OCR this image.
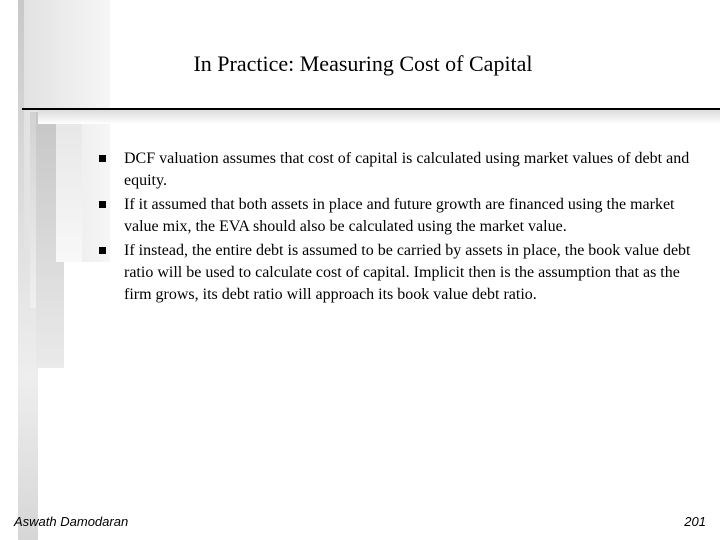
In Practice: Measuring Cost of Capital
DCF valuation assumes that cost of capital is calculated using market values of debt and equity.
If it assumed that both assets in place and future growth are financed using the market value mix, the EVA should also be calculated using the market value.
If instead, the entire debt is assumed to be carried by assets in place, the book value debt ratio will be used to calculate cost of capital. Implicit then is the assumption that as the firm grows, its debt ratio will approach its book value debt ratio.
Aswath Damodaran	201
